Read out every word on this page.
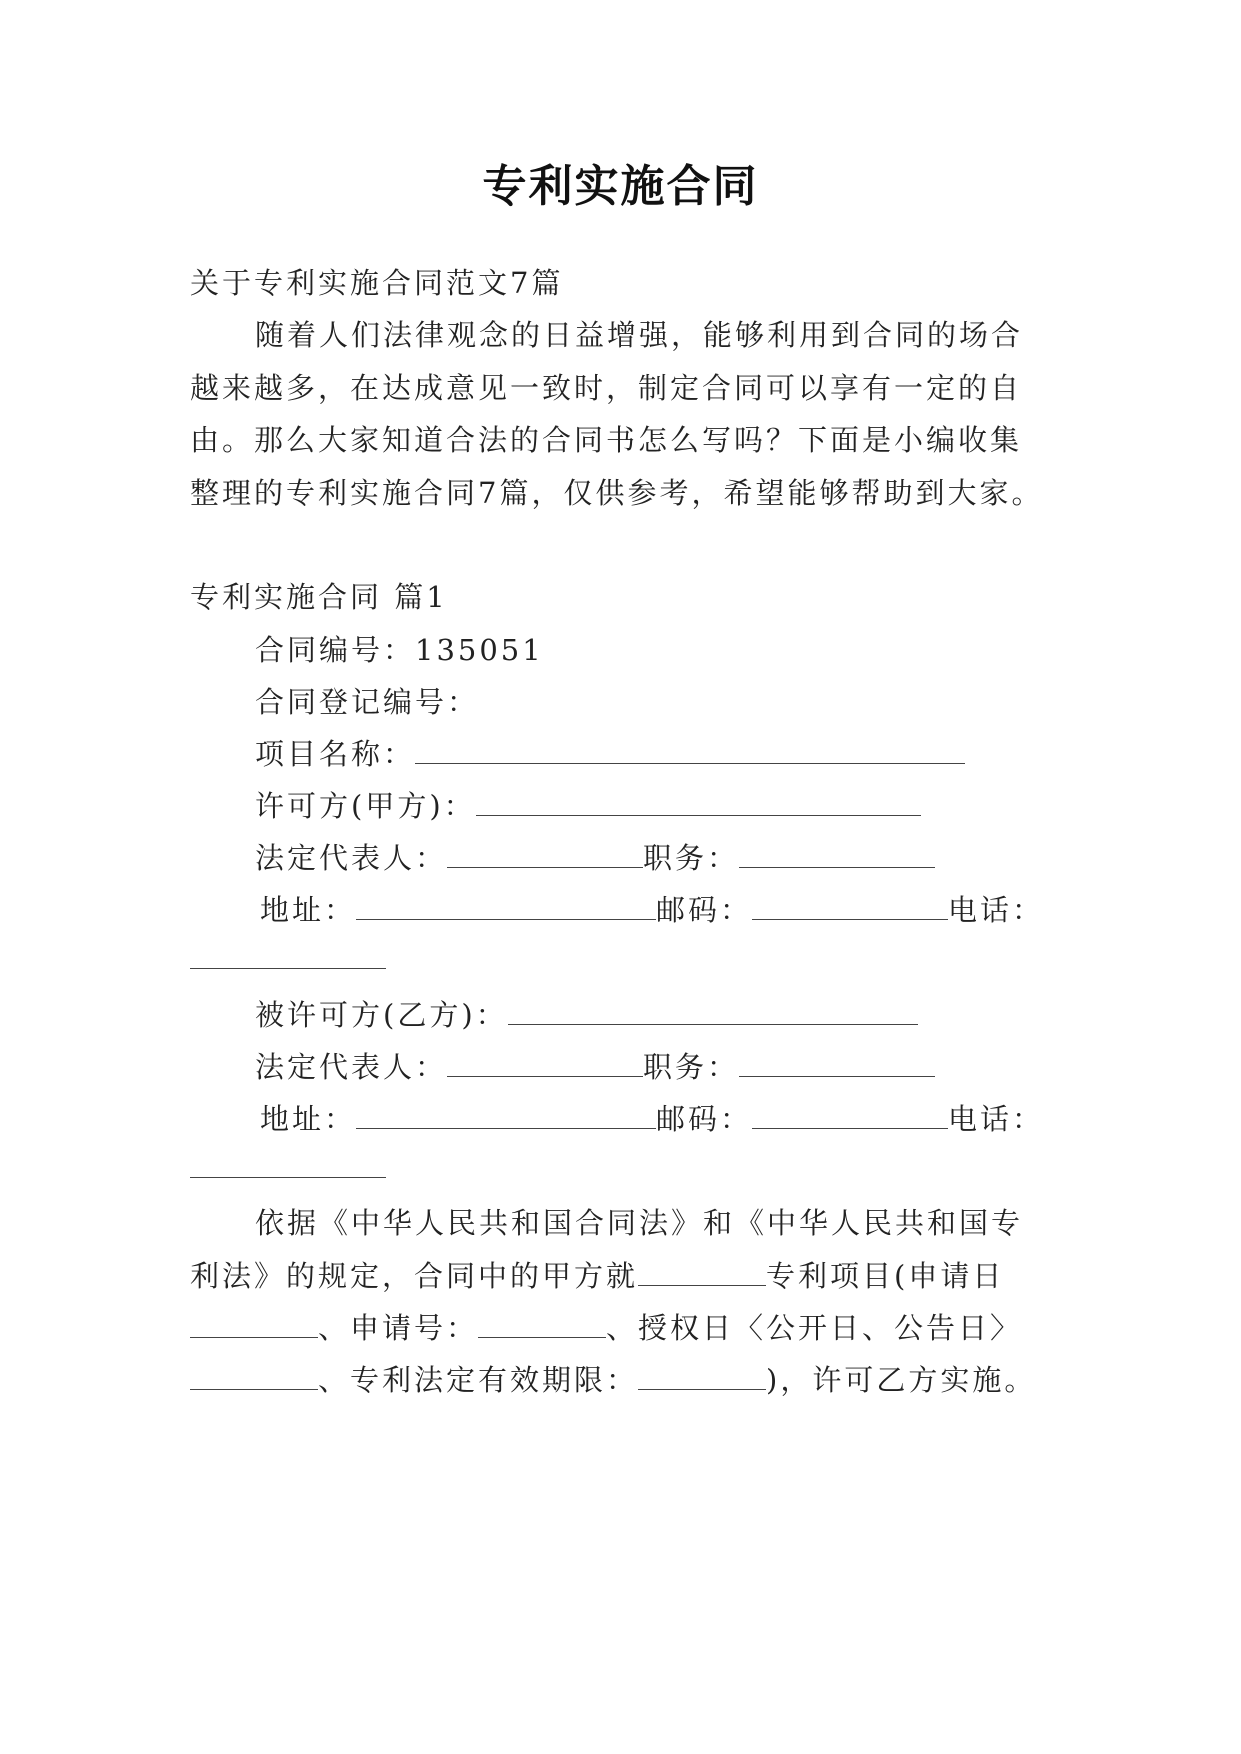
专利实施合同
关于专利实施合同范文7篇
随着人们法律观念的日益增强，能够利用到合同的场合
越来越多，在达成意见一致时，制定合同可以享有一定的自
由。那么大家知道合法的合同书怎么写吗？下面是小编收集
整理的专利实施合同7篇，仅供参考，希望能够帮助到大家。
专利实施合同 篇1
合同编号：135051
合同登记编号：
项目名称：
许可方(甲方)：
法定代表人：	职务：
地址：	邮码：	电话：
被许可方(乙方)：
法定代表人：	职务：
地址：	邮码：	电话：
依据《中华人民共和国合同法》和《中华人民共和国专
利法》的规定，合同中的甲方就	专利项目(申请日
、申请号：	、授权日〈公开日、公告日〉
、专利法定有效期限：	)，许可乙方实施。
